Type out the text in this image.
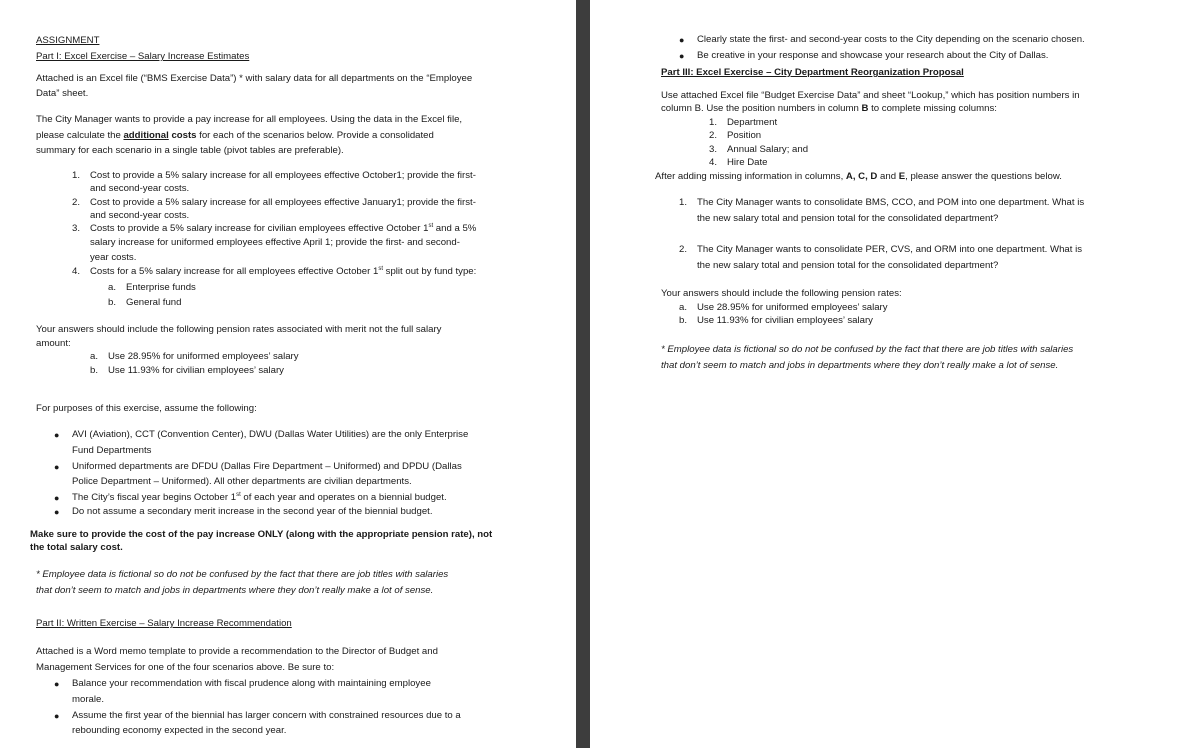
ASSIGNMENT
Part I: Excel Exercise – Salary Increase Estimates
Attached is an Excel file (“BMS Exercise Data”) * with salary data for all departments on the “Employee
Data” sheet.
The City Manager wants to provide a pay increase for all employees. Using the data in the Excel file,
please calculate the additional costs for each of the scenarios below. Provide a consolidated
summary for each scenario in a single table (pivot tables are preferable).
1. Cost to provide a 5% salary increase for all employees effective October1; provide the first-
and second-year costs.
2. Cost to provide a 5% salary increase for all employees effective January1; provide the first-
and second-year costs.
3. Costs to provide a 5% salary increase for civilian employees effective October 1st and a 5%
salary increase for uniformed employees effective April 1; provide the first- and second-
year costs.
4. Costs for a 5% salary increase for all employees effective October 1st split out by fund type:
a. Enterprise funds
b. General fund
Your answers should include the following pension rates associated with merit not the full salary
amount:
a. Use 28.95% for uniformed employees’ salary
b. Use 11.93% for civilian employees’ salary
For purposes of this exercise, assume the following:
● AVI (Aviation), CCT (Convention Center), DWU (Dallas Water Utilities) are the only Enterprise
Fund Departments
● Uniformed departments are DFDU (Dallas Fire Department – Uniformed) and DPDU (Dallas
Police Department – Uniformed). All other departments are civilian departments.
● The City’s fiscal year begins October 1st of each year and operates on a biennial budget.
● Do not assume a secondary merit increase in the second year of the biennial budget.
Make sure to provide the cost of the pay increase ONLY (along with the appropriate pension rate), not
the total salary cost.
* Employee data is fictional so do not be confused by the fact that there are job titles with salaries
that don’t seem to match and jobs in departments where they don’t really make a lot of sense.
Part II: Written Exercise – Salary Increase Recommendation
Attached is a Word memo template to provide a recommendation to the Director of Budget and
Management Services for one of the four scenarios above. Be sure to:
● Balance your recommendation with fiscal prudence along with maintaining employee
morale.
● Assume the first year of the biennial has larger concern with constrained resources due to a
rebounding economy expected in the second year.
● Clearly state the first- and second-year costs to the City depending on the scenario chosen.
● Be creative in your response and showcase your research about the City of Dallas.
Part III: Excel Exercise – City Department Reorganization Proposal
Use attached Excel file “Budget Exercise Data” and sheet “Lookup,” which has position numbers in
column B. Use the position numbers in column B to complete missing columns:
1. Department
2. Position
3. Annual Salary; and
4. Hire Date
After adding missing information in columns, A, C, D and E, please answer the questions below.
1. The City Manager wants to consolidate BMS, CCO, and POM into one department. What is
the new salary total and pension total for the consolidated department?
2. The City Manager wants to consolidate PER, CVS, and ORM into one department. What is
the new salary total and pension total for the consolidated department?
Your answers should include the following pension rates:
a. Use 28.95% for uniformed employees’ salary
b. Use 11.93% for civilian employees’ salary
* Employee data is fictional so do not be confused by the fact that there are job titles with salaries
that don’t seem to match and jobs in departments where they don’t really make a lot of sense.
